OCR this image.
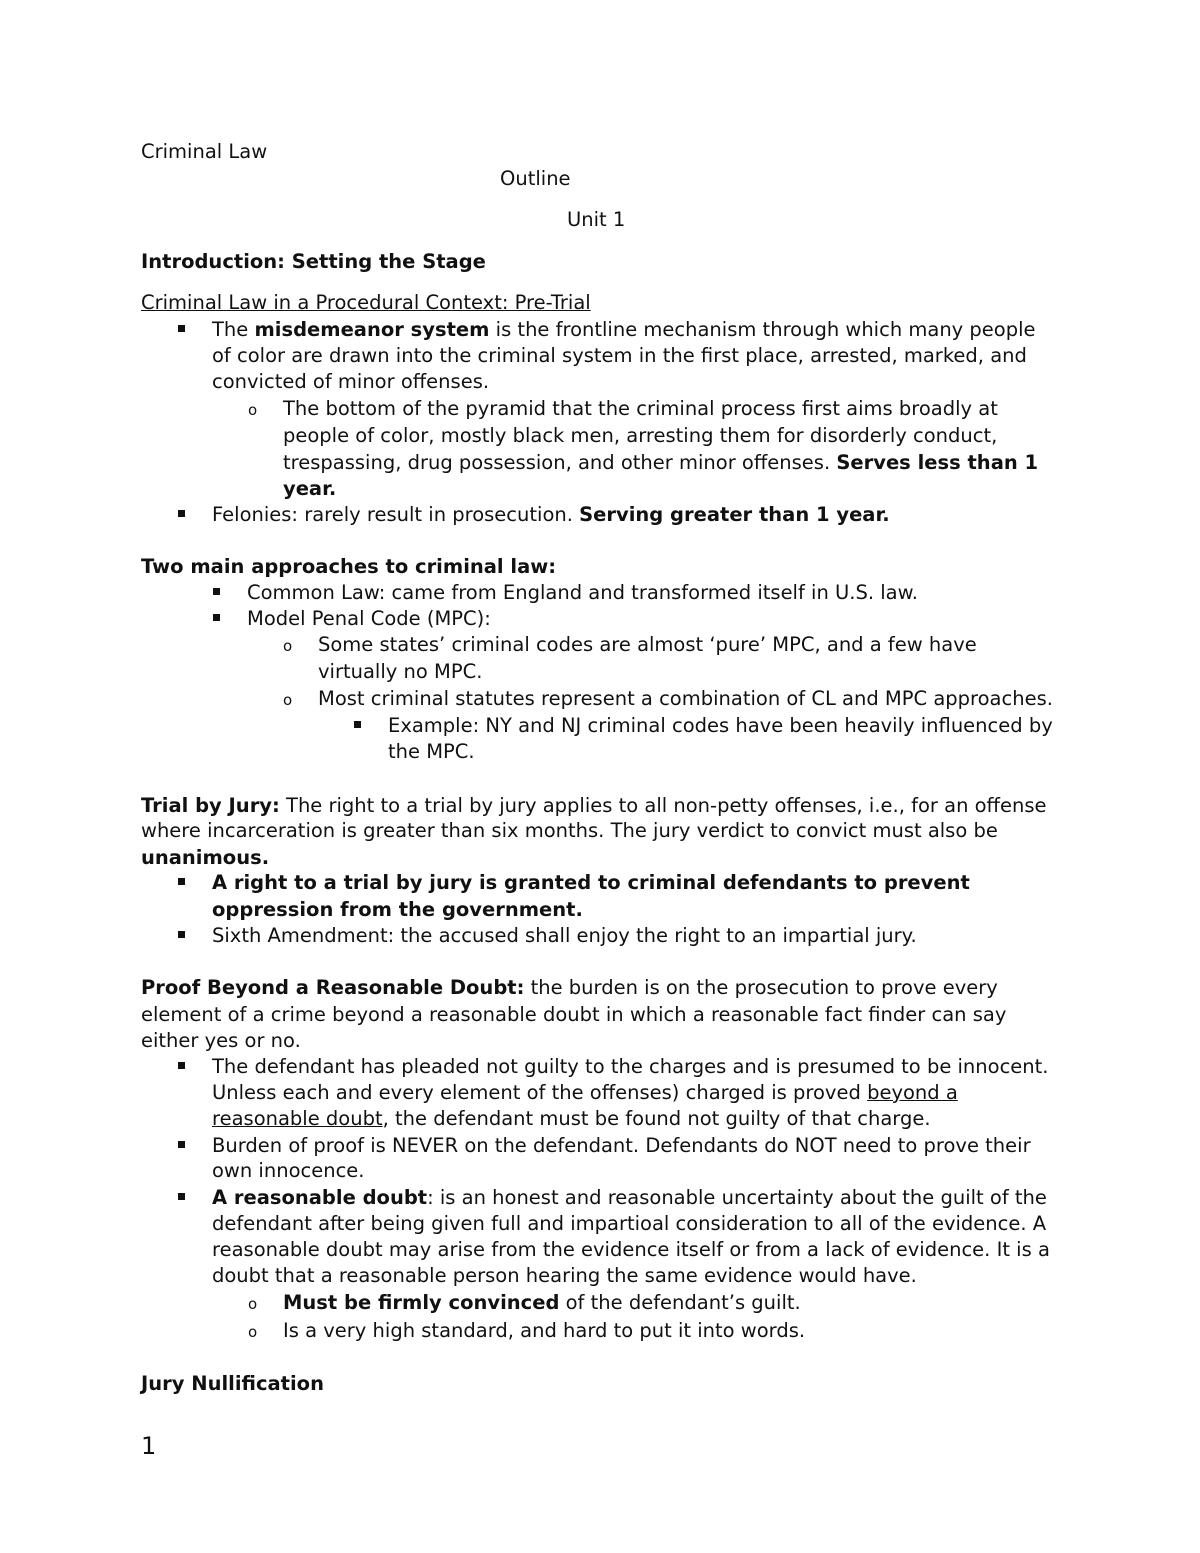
Criminal Law
Outline
Unit 1
Introduction: Setting the Stage
Criminal Law in a Procedural Context: Pre-Trial
The misdemeanor system is the frontline mechanism through which many people
of color are drawn into the criminal system in the first place, arrested, marked, and
convicted of minor offenses.
o The bottom of the pyramid that the criminal process first aims broadly at
people of color, mostly black men, arresting them for disorderly conduct,
trespassing, drug possession, and other minor offenses. Serves less than 1
year.
Felonies: rarely result in prosecution. Serving greater than 1 year.
Two main approaches to criminal law:
Common Law: came from England and transformed itself in U.S. law.
Model Penal Code (MPC):
o Some states’ criminal codes are almost ‘pure’ MPC, and a few have
virtually no MPC.
o Most criminal statutes represent a combination of CL and MPC approaches.
Example: NY and NJ criminal codes have been heavily influenced by
the MPC.
Trial by Jury: The right to a trial by jury applies to all non-petty offenses, i.e., for an offense
where incarceration is greater than six months. The jury verdict to convict must also be
unanimous.
A right to a trial by jury is granted to criminal defendants to prevent
oppression from the government.
Sixth Amendment: the accused shall enjoy the right to an impartial jury.
Proof Beyond a Reasonable Doubt: the burden is on the prosecution to prove every
element of a crime beyond a reasonable doubt in which a reasonable fact finder can say
either yes or no.
The defendant has pleaded not guilty to the charges and is presumed to be innocent.
Unless each and every element of the offenses) charged is proved beyond a
reasonable doubt, the defendant must be found not guilty of that charge.
Burden of proof is NEVER on the defendant. Defendants do NOT need to prove their
own innocence.
A reasonable doubt: is an honest and reasonable uncertainty about the guilt of the
defendant after being given full and impartioal consideration to all of the evidence. A
reasonable doubt may arise from the evidence itself or from a lack of evidence. It is a
doubt that a reasonable person hearing the same evidence would have.
o Must be firmly convinced of the defendant’s guilt.
o Is a very high standard, and hard to put it into words.
Jury Nullification
1
